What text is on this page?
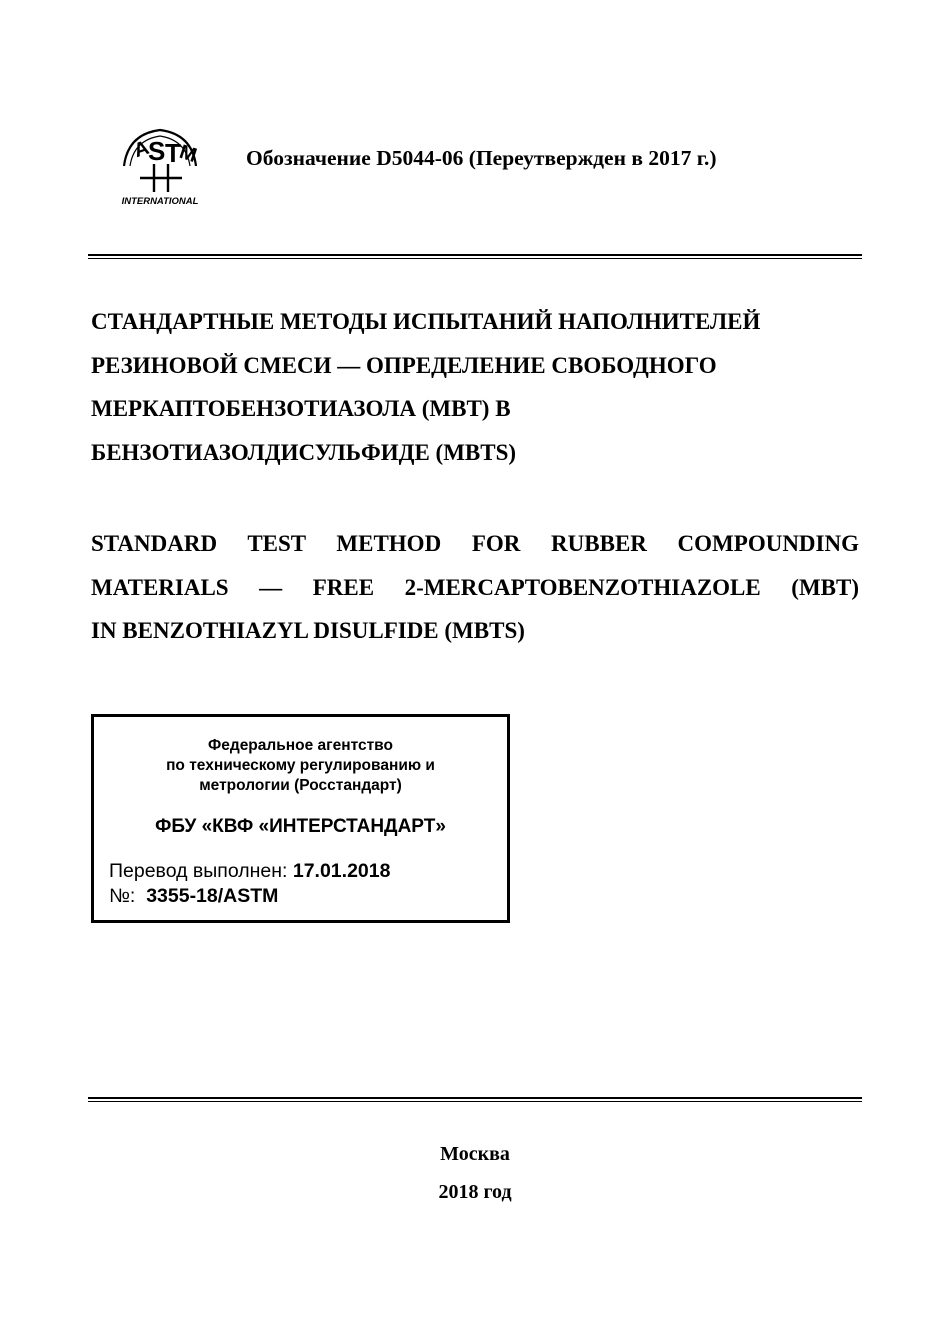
A
S T
M
INTERNATIONAL
Обозначение D5044-06 (Переутвержден в 2017 г.)
СТАНДАРТНЫЕ МЕТОДЫ ИСПЫТАНИЙ НАПОЛНИТЕЛЕЙ
РЕЗИНОВОЙ СМЕСИ — ОПРЕДЕЛЕНИЕ СВОБОДНОГО
МЕРКАПТОБЕНЗОТИАЗОЛА (MBT) В
БЕНЗОТИАЗОЛДИСУЛЬФИДЕ (MBTS)
STANDARD TEST METHOD FOR RUBBER COMPOUNDING
MATERIALS — FREE 2-MERCAPTOBENZOTHIAZOLE (MBT)
IN BENZOTHIAZYL DISULFIDE (MBTS)
Федеральное агентство
по техническому регулированию и
метрологии (Росстандарт)
ФБУ «КВФ «ИНТЕРСТАНДАРТ»
Перевод выполнен: 17.01.2018
№: 3355-18/ASTM
Москва
2018 год
